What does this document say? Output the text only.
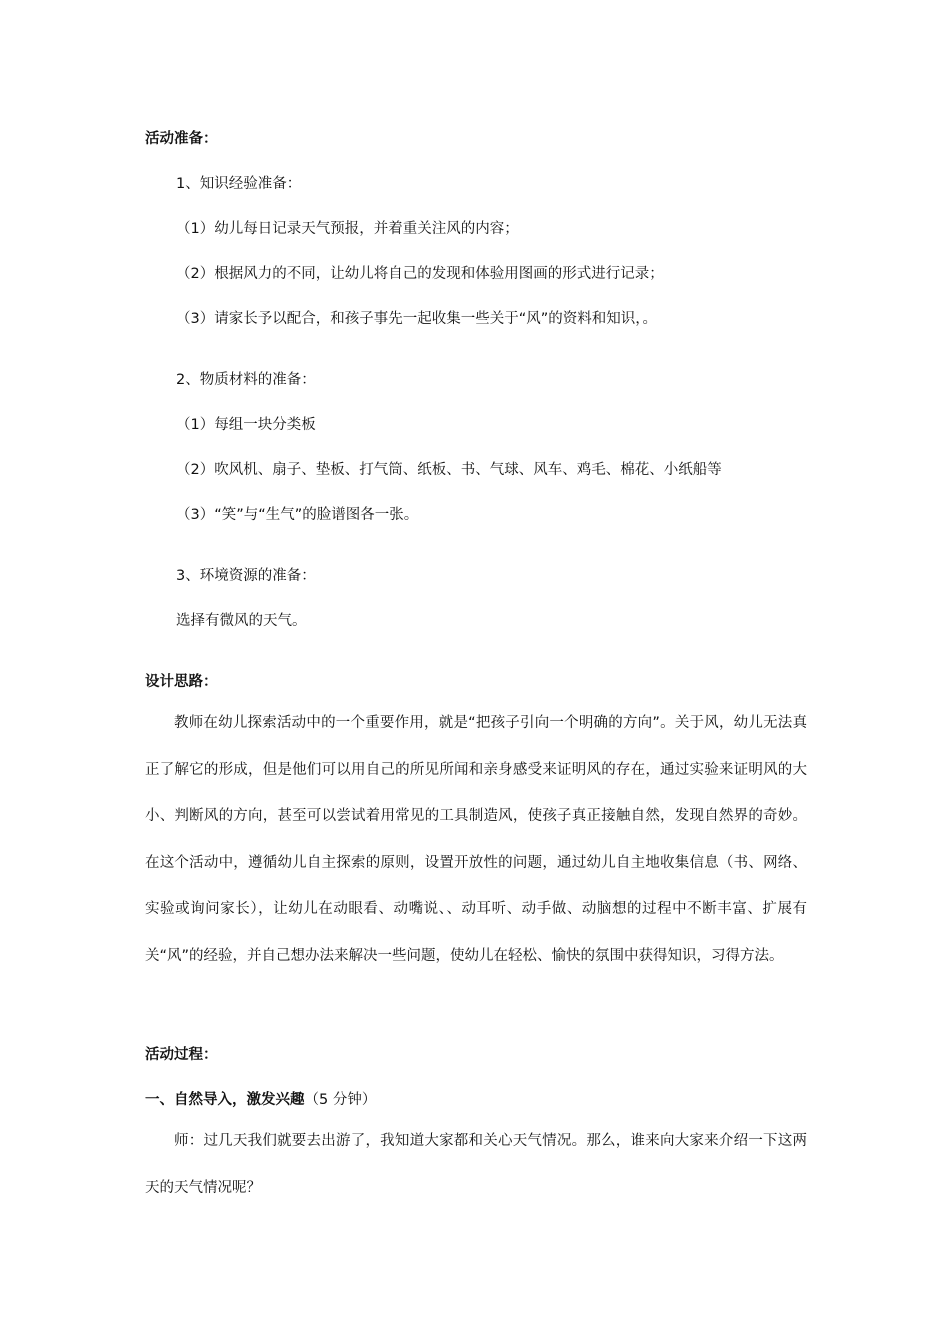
活动准备：
1、知识经验准备：
（1）幼儿每日记录天气预报，并着重关注风的内容；
（2）根据风力的不同，让幼儿将自己的发现和体验用图画的形式进行记录；
（3）请家长予以配合，和孩子事先一起收集一些关于“风”的资料和知识，。
2、物质材料的准备：
（1）每组一块分类板
（2）吹风机、扇子、垫板、打气筒、纸板、书、气球、风车、鸡毛、棉花、小纸船等
（3）“笑”与“生气”的脸谱图各一张。
3、环境资源的准备：
选择有微风的天气。
设计思路：

教师在幼儿探索活动中的一个重要作用，就是“把孩子引向一个明确的方向”。关于风，幼儿无法真正了解它的形成，但是他们可以用自己的所见所闻和亲身感受来证明风的存在，通过实验来证明风的大小、判断风的方向，甚至可以尝试着用常见的工具制造风，使孩子真正接触自然，发现自然界的奇妙。在这个活动中，遵循幼儿自主探索的原则，设置开放性的问题，通过幼儿自主地收集信息（书、网络、实验或询问家长），让幼儿在动眼看、动嘴说、、动耳听、动手做、动脑想的过程中不断丰富、扩展有关“风”的经验，并自己想办法来解决一些问题，使幼儿在轻松、愉快的氛围中获得知识，习得方法。

活动过程：
一、自然导入，激发兴趣（5 分钟）

师：过几天我们就要去出游了，我知道大家都和关心天气情况。那么，谁来向大家来介绍一下这两天的天气情况呢？
